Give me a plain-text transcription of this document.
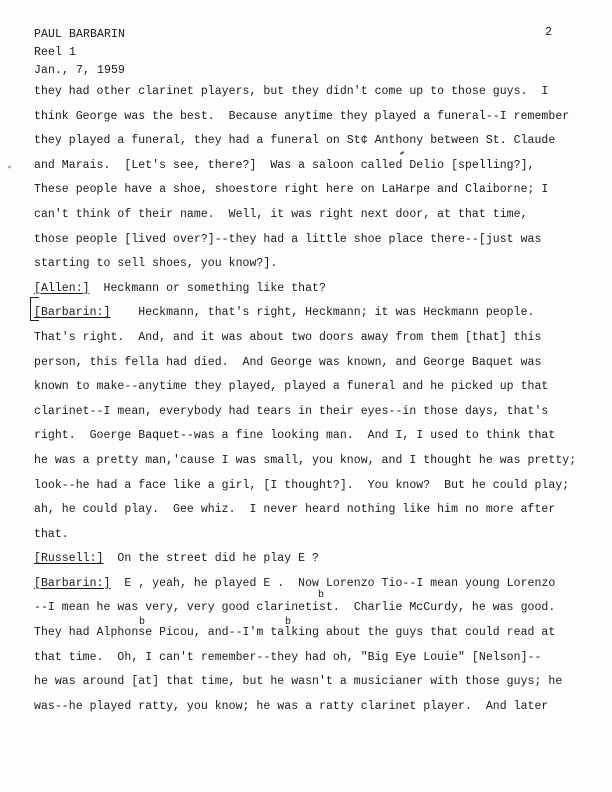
PAUL BARBARIN
Reel 1
Jan., 7, 1959
2
they had other clarinet players, but they didn't come up to those guys.  I
think George was the best.  Because anytime they played a funeral--I remember
they played a funeral, they had a funeral on St¢ Anthony between St. Claude
and Marais.  [Let's see, there?]  Was a saloon called Delio [spelling?],
These people have a shoe, shoestore right here on LaHarpe and Claiborne; I
can't think of their name.  Well, it was right next door, at that time,
those people [lived over?]--they had a little shoe place there--[just was
starting to sell shoes, you know?].
[Allen:]  Heckmann or something like that?
[Barbarin:]    Heckmann, that's right, Heckmann; it was Heckmann people.
That's right.  And, and it was about two doors away from them [that] this
person, this fella had died.  And George was known, and George Baquet was
known to make--anytime they played, played a funeral and he picked up that
clarinet--I mean, everybody had tears in their eyes--in those days, that's
right.  Goerge Baquet--was a fine looking man.  And I, I used to think that
he was a pretty man,'cause I was small, you know, and I thought he was pretty;
look--he had a face like a girl, [I thought?].  You know?  But he could play;
ah, he could play.  Gee whiz.  I never heard nothing like him no more after
that.
[Russell:]  On the street did he play E ?
[Barbarin:]  E , yeah, he played E .  Now Lorenzo Tio--I mean young Lorenzo
--I mean he was very, very good clarinetist.  Charlie McCurdy, he was good.
They had Alphonse Picou, and--I'm talking about the guys that could read at
that time.  Oh, I can't remember--they had oh, "Big Eye Louie" [Nelson]--
he was around [at] that time, but he wasn't a musicianer with those guys; he
was--he played ratty, you know; he was a ratty clarinet player.  And later
b
b	b
